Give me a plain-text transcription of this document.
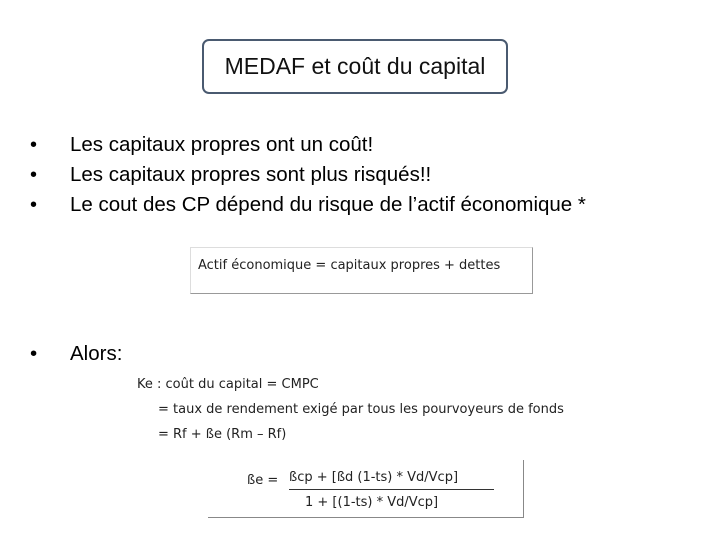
MEDAF et coût du capital
• Les capitaux propres ont un coût!
• Les capitaux propres sont plus risqués!!
• Le cout des CP dépend du risque de l’actif économique *
Actif économique = capitaux propres + dettes
• Alors:
Ke : coût du capital = CMPC
= taux de rendement exigé par tous les pourvoyeurs de fonds
= Rf + ße (Rm – Rf)
ße = ßcp + [ßd (1-ts) * Vd/Vcp]
1 + [(1-ts) * Vd/Vcp]
